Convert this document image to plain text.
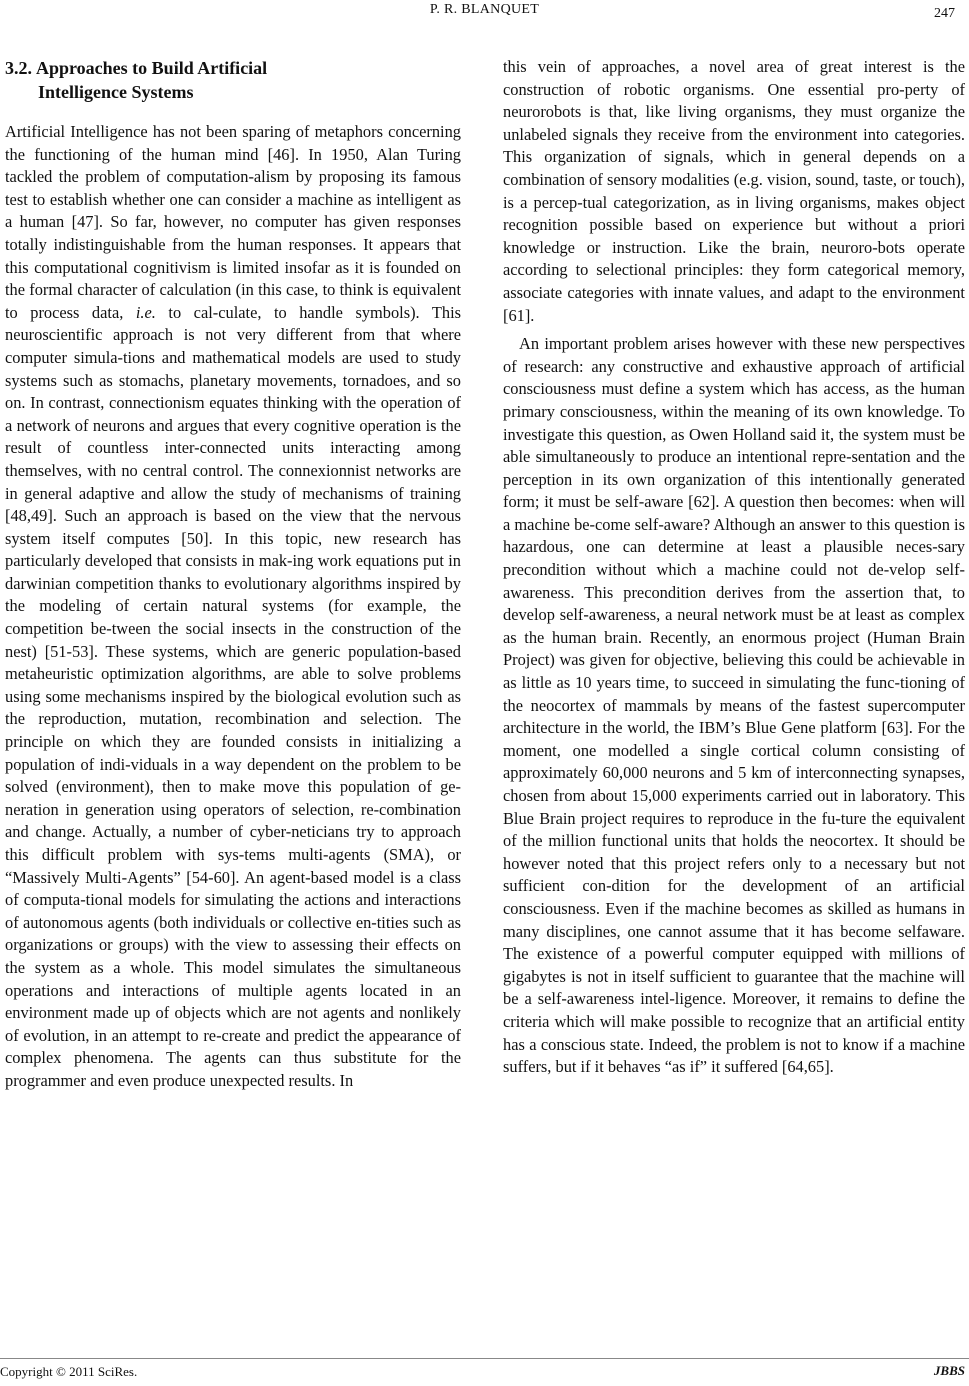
P. R. BLANQUET	247
3.2. Approaches to Build Artificial
Intelligence Systems

Artificial Intelligence has not been sparing of metaphors concerning the functioning of the human mind [46]. In 1950, Alan Turing tackled the problem of computation-alism by proposing its famous test to establish whether one can consider a machine as intelligent as a human [47]. So far, however, no computer has given responses totally indistinguishable from the human responses. It appears that this computational cognitivism is limited insofar as it is founded on the formal character of calculation (in this case, to think is equivalent to process data, i.e. to cal-culate, to handle symbols). This neuroscientific approach is not very different from that where computer simula-tions and mathematical models are used to study systems such as stomachs, planetary movements, tornadoes, and so on. In contrast, connectionism equates thinking with the operation of a network of neurons and argues that every cognitive operation is the result of countless inter-connected units interacting among themselves, with no central control. The connexionnist networks are in general adaptive and allow the study of mechanisms of training [48,49]. Such an approach is based on the view that the nervous system itself computes [50]. In this topic, new research has particularly developed that consists in mak-ing work equations put in darwinian competition thanks to evolutionary algorithms inspired by the modeling of certain natural systems (for example, the competition be-tween the social insects in the construction of the nest) [51-53]. These systems, which are generic population-based metaheuristic optimization algorithms, are able to solve problems using some mechanisms inspired by the biological evolution such as the reproduction, mutation, recombination and selection. The principle on which they are founded consists in initializing a population of indi-viduals in a way dependent on the problem to be solved (environment), then to make move this population of ge-neration in generation using operators of selection, re-combination and change. Actually, a number of cyber-neticians try to approach this difficult problem with sys-tems multi-agents (SMA), or “Massively Multi-Agents” [54-60]. An agent-based model is a class of computa-tional models for simulating the actions and interactions of autonomous agents (both individuals or collective en-tities such as organizations or groups) with the view to assessing their effects on the system as a whole. This model simulates the simultaneous operations and interactions of multiple agents located in an environment made up of objects which are not agents and nonlikely of evolution, in an attempt to re-create and predict the appearance of complex phenomena. The agents can thus substitute for the programmer and even produce unexpected results. In

this vein of approaches, a novel area of great interest is the construction of robotic organisms. One essential pro-perty of neurorobots is that, like living organisms, they must organize the unlabeled signals they receive from the environment into categories. This organization of signals, which in general depends on a combination of sensory modalities (e.g. vision, sound, taste, or touch), is a percep-tual categorization, as in living organisms, makes object recognition possible based on experience but without a priori knowledge or instruction. Like the brain, neuroro-bots operate according to selectional principles: they form categorical memory, associate categories with innate values, and adapt to the environment [61].

An important problem arises however with these new perspectives of research: any constructive and exhaustive approach of artificial consciousness must define a system which has access, as the human primary consciousness, within the meaning of its own knowledge. To investigate this question, as Owen Holland said it, the system must be able simultaneously to produce an intentional repre-sentation and the perception in its own organization of this intentionally generated form; it must be self-aware [62]. A question then becomes: when will a machine be-come self-aware? Although an answer to this question is hazardous, one can determine at least a plausible neces-sary precondition without which a machine could not de-velop self-awareness. This precondition derives from the assertion that, to develop self-awareness, a neural network must be at least as complex as the human brain. Recently, an enormous project (Human Brain Project) was given for objective, believing this could be achievable in as little as 10 years time, to succeed in simulating the func-tioning of the neocortex of mammals by means of the fastest supercomputer architecture in the world, the IBM’s Blue Gene platform [63]. For the moment, one modelled a single cortical column consisting of approximately 60,000 neurons and 5 km of interconnecting synapses, chosen from about 15,000 experiments carried out in laboratory. This Blue Brain project requires to reproduce in the fu-ture the equivalent of the million functional units that holds the neocortex. It should be however noted that this project refers only to a necessary but not sufficient con-dition for the development of an artificial consciousness. Even if the machine becomes as skilled as humans in many disciplines, one cannot assume that it has become selfaware. The existence of a powerful computer equipped with millions of gigabytes is not in itself sufficient to guarantee that the machine will be a self-awareness intel-ligence. Moreover, it remains to define the criteria which will make possible to recognize that an artificial entity has a conscious state. Indeed, the problem is not to know if a machine suffers, but if it behaves “as if” it suffered [64,65].

Copyright © 2011 SciRes.	JBBS
